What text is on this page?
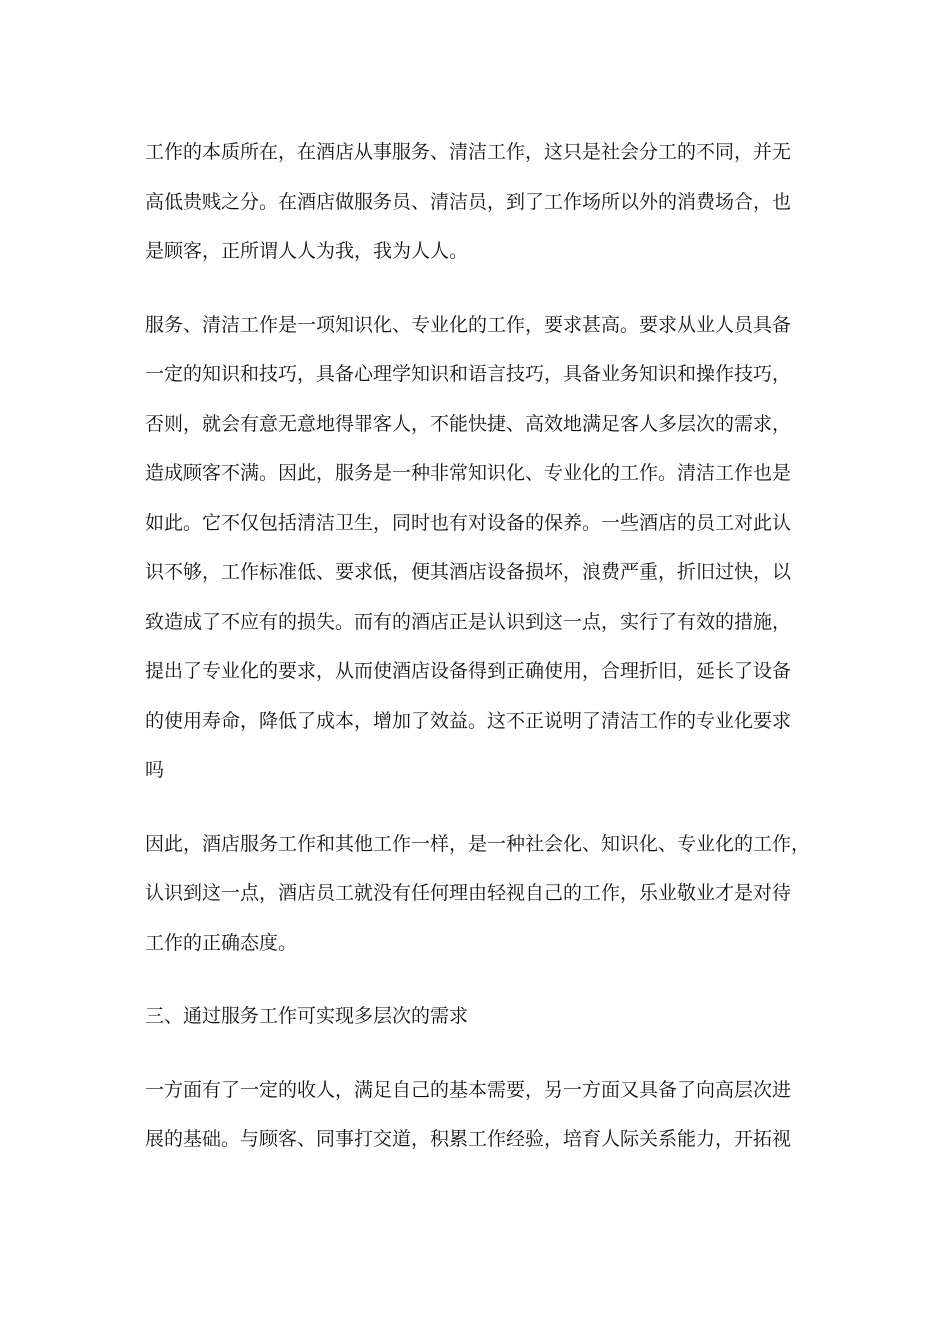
工作的本质所在，在酒店从事服务、清洁工作，这只是社会分工的不同，并无
高低贵贱之分。在酒店做服务员、清洁员，到了工作场所以外的消费场合，也
是顾客，正所谓人人为我，我为人人。
服务、清洁工作是一项知识化、专业化的工作，要求甚高。要求从业人员具备
一定的知识和技巧，具备心理学知识和语言技巧，具备业务知识和操作技巧，
否则，就会有意无意地得罪客人，不能快捷、高效地满足客人多层次的需求，
造成顾客不满。因此，服务是一种非常知识化、专业化的工作。清洁工作也是
如此。它不仅包括清洁卫生，同时也有对设备的保养。一些酒店的员工对此认
识不够，工作标准低、要求低，便其酒店设备损坏，浪费严重，折旧过快，以
致造成了不应有的损失。而有的酒店正是认识到这一点，实行了有效的措施，
提出了专业化的要求，从而使酒店设备得到正确使用，合理折旧，延长了设备
的使用寿命，降低了成本，增加了效益。这不正说明了清洁工作的专业化要求
吗
因此，酒店服务工作和其他工作一样，是一种社会化、知识化、专业化的工作，
认识到这一点，酒店员工就没有任何理由轻视自己的工作，乐业敬业才是对待
工作的正确态度。
三、通过服务工作可实现多层次的需求
一方面有了一定的收人，满足自己的基本需要，另一方面又具备了向高层次进
展的基础。与顾客、同事打交道，积累工作经验，培育人际关系能力，开拓视
